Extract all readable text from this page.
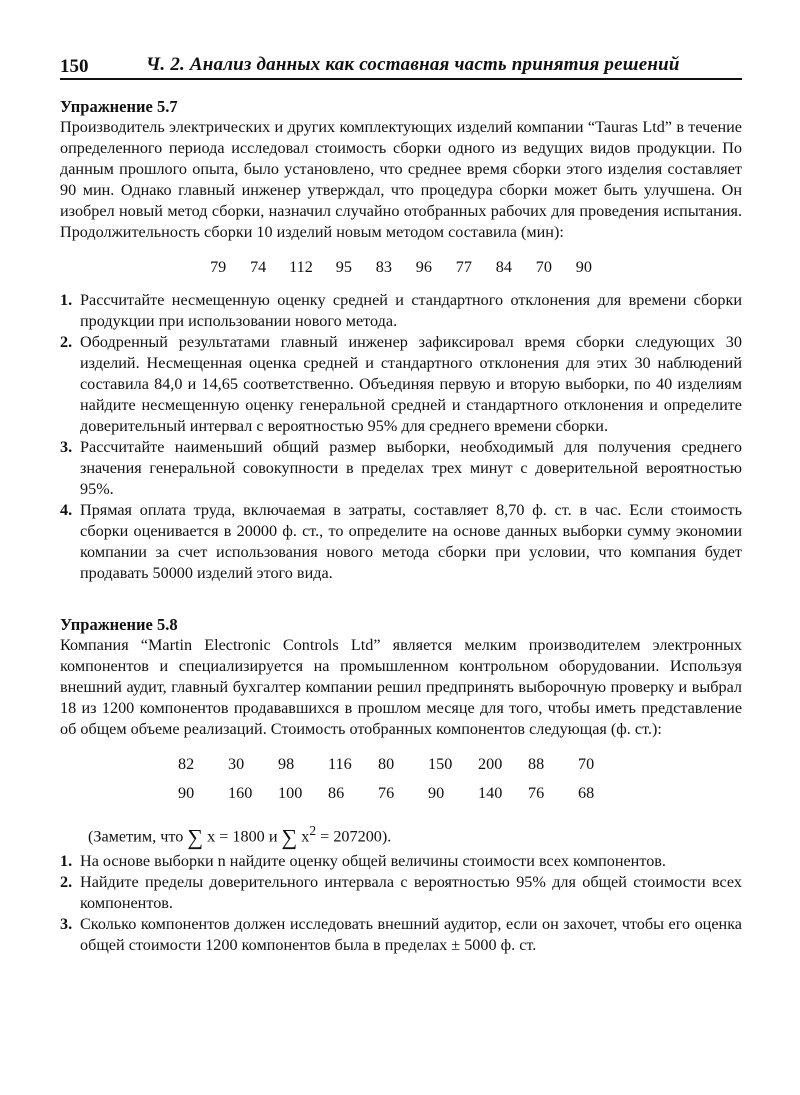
150	Ч. 2. Анализ данных как составная часть принятия решений
Упражнение 5.7

Производитель электрических и других комплектующих изделий компании “Tauras Ltd” в течение определенного периода исследовал стоимость сборки одного из ведущих видов продукции. По данным прошлого опыта, было установлено, что среднее время сборки этого изделия составляет 90 мин. Однако главный инженер утверждал, что процедура сборки может быть улучшена. Он изобрел новый метод сборки, назначил случайно отобранных рабочих для проведения испытания. Продолжительность сборки 10 изделий новым методом составила (мин):

79 74 112 95 83 96 77 84 70 90
1. Рассчитайте несмещенную оценку средней и стандартного отклонения для времени сборки продукции при использовании нового метода.
2. Ободренный результатами главный инженер зафиксировал время сборки следующих 30 изделий. Несмещенная оценка средней и стандартного отклонения для этих 30 наблюдений составила 84,0 и 14,65 соответственно. Объединяя первую и вторую выборки, по 40 изделиям найдите несмещенную оценку генеральной средней и стандартного отклонения и определите доверительный интервал с вероятностью 95% для среднего времени сборки.
3. Рассчитайте наименьший общий размер выборки, необходимый для получения среднего значения генеральной совокупности в пределах трех минут с доверительной вероятностью 95%.
4. Прямая оплата труда, включаемая в затраты, составляет 8,70 ф. ст. в час. Если стоимость сборки оценивается в 20000 ф. ст., то определите на основе данных выборки сумму экономии компании за счет использования нового метода сборки при условии, что компания будет продавать 50000 изделий этого вида.
Упражнение 5.8

Компания “Martin Electronic Controls Ltd” является мелким производителем электронных компонентов и специализируется на промышленном контрольном оборудовании. Используя внешний аудит, главный бухгалтер компании решил предпринять выборочную проверку и выбрал 18 из 1200 компонентов продававшихся в прошлом месяце для того, чтобы иметь представление об общем объеме реализаций. Стоимость отобранных компонентов следующая (ф. ст.):

82	30	98	116	80	150	200	88	70
90	160	100	86	76	90	140	76	68
(Заметим, что ∑ x = 1800 и ∑ $x^2 = 207200$).
1. На основе выборки n найдите оценку общей величины стоимости всех компонентов.
2. Найдите пределы доверительного интервала с вероятностью 95% для общей стоимости всех компонентов.
3. Сколько компонентов должен исследовать внешний аудитор, если он захочет, чтобы его оценка общей стоимости 1200 компонентов была в пределах ± 5000 ф. ст.
